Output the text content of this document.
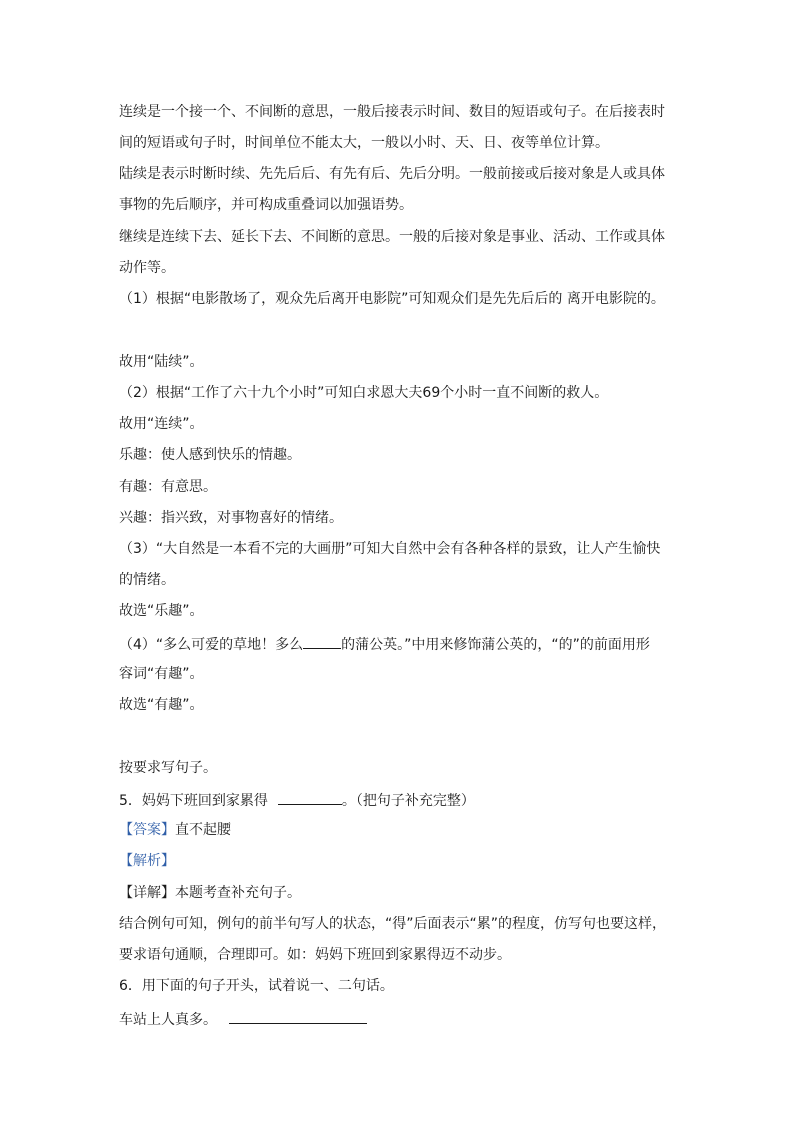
连续是一个接一个、不间断的意思，一般后接表示时间、数目的短语或句子。在后接表时
间的短语或句子时，时间单位不能太大，一般以小时、天、日、夜等单位计算。
陆续是表示时断时续、先先后后、有先有后、先后分明。一般前接或后接对象是人或具体
事物的先后顺序，并可构成重叠词以加强语势。
继续是连续下去、延长下去、不间断的意思。一般的后接对象是事业、活动、工作或具体
动作等。
（1）根据“电影散场了，观众先后离开电影院”可知观众们是先先后后的 离开电影院的。
故用“陆续”。
（2）根据“工作了六十九个小时”可知白求恩大夫69个小时一直不间断的救人。
故用“连续”。
乐趣：使人感到快乐的情趣。
有趣：有意思。
兴趣：指兴致，对事物喜好的情绪。
（3）“大自然是一本看不完的大画册”可知大自然中会有各种各样的景致，让人产生愉快
的情绪。
故选“乐趣”。
（4）“多么可爱的草地！多么	的蒲公英。”中用来修饰蒲公英的，“的”的前面用形
容词“有趣”。
故选“有趣”。
按要求写句子。
5．妈妈下班回到家累得	。（把句子补充完整）
【答案】直不起腰
【解析】
【详解】本题考查补充句子。
结合例句可知，例句的前半句写人的状态，“得”后面表示“累”的程度，仿写句也要这样，
要求语句通顺，合理即可。如：妈妈下班回到家累得迈不动步。
6．用下面的句子开头，试着说一、二句话。
车站上人真多。
